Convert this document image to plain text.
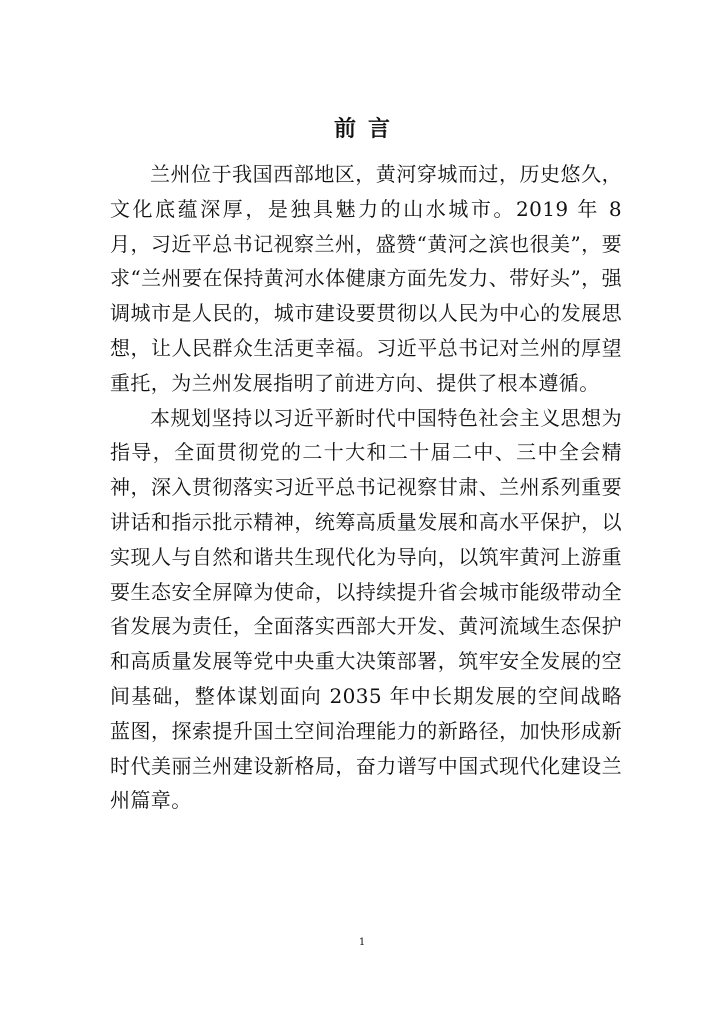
前言

兰州位于我国西部地区，黄河穿城而过，历史悠久，文化底蕴深厚，是独具魅力的山水城市。2019 年 8 月，习近平总书记视察兰州，盛赞“黄河之滨也很美”，要求“兰州要在保持黄河水体健康方面先发力、带好头”，强调城市是人民的，城市建设要贯彻以人民为中心的发展思想，让人民群众生活更幸福。习近平总书记对兰州的厚望重托，为兰州发展指明了前进方向、提供了根本遵循。

本规划坚持以习近平新时代中国特色社会主义思想为指导，全面贯彻党的二十大和二十届二中、三中全会精神，深入贯彻落实习近平总书记视察甘肃、兰州系列重要讲话和指示批示精神，统筹高质量发展和高水平保护，以实现人与自然和谐共生现代化为导向，以筑牢黄河上游重要生态安全屏障为使命，以持续提升省会城市能级带动全省发展为责任，全面落实西部大开发、黄河流域生态保护和高质量发展等党中央重大决策部署，筑牢安全发展的空间基础，整体谋划面向 2035 年中长期发展的空间战略蓝图，探索提升国土空间治理能力的新路径，加快形成新时代美丽兰州建设新格局，奋力谱写中国式现代化建设兰州篇章。

1
